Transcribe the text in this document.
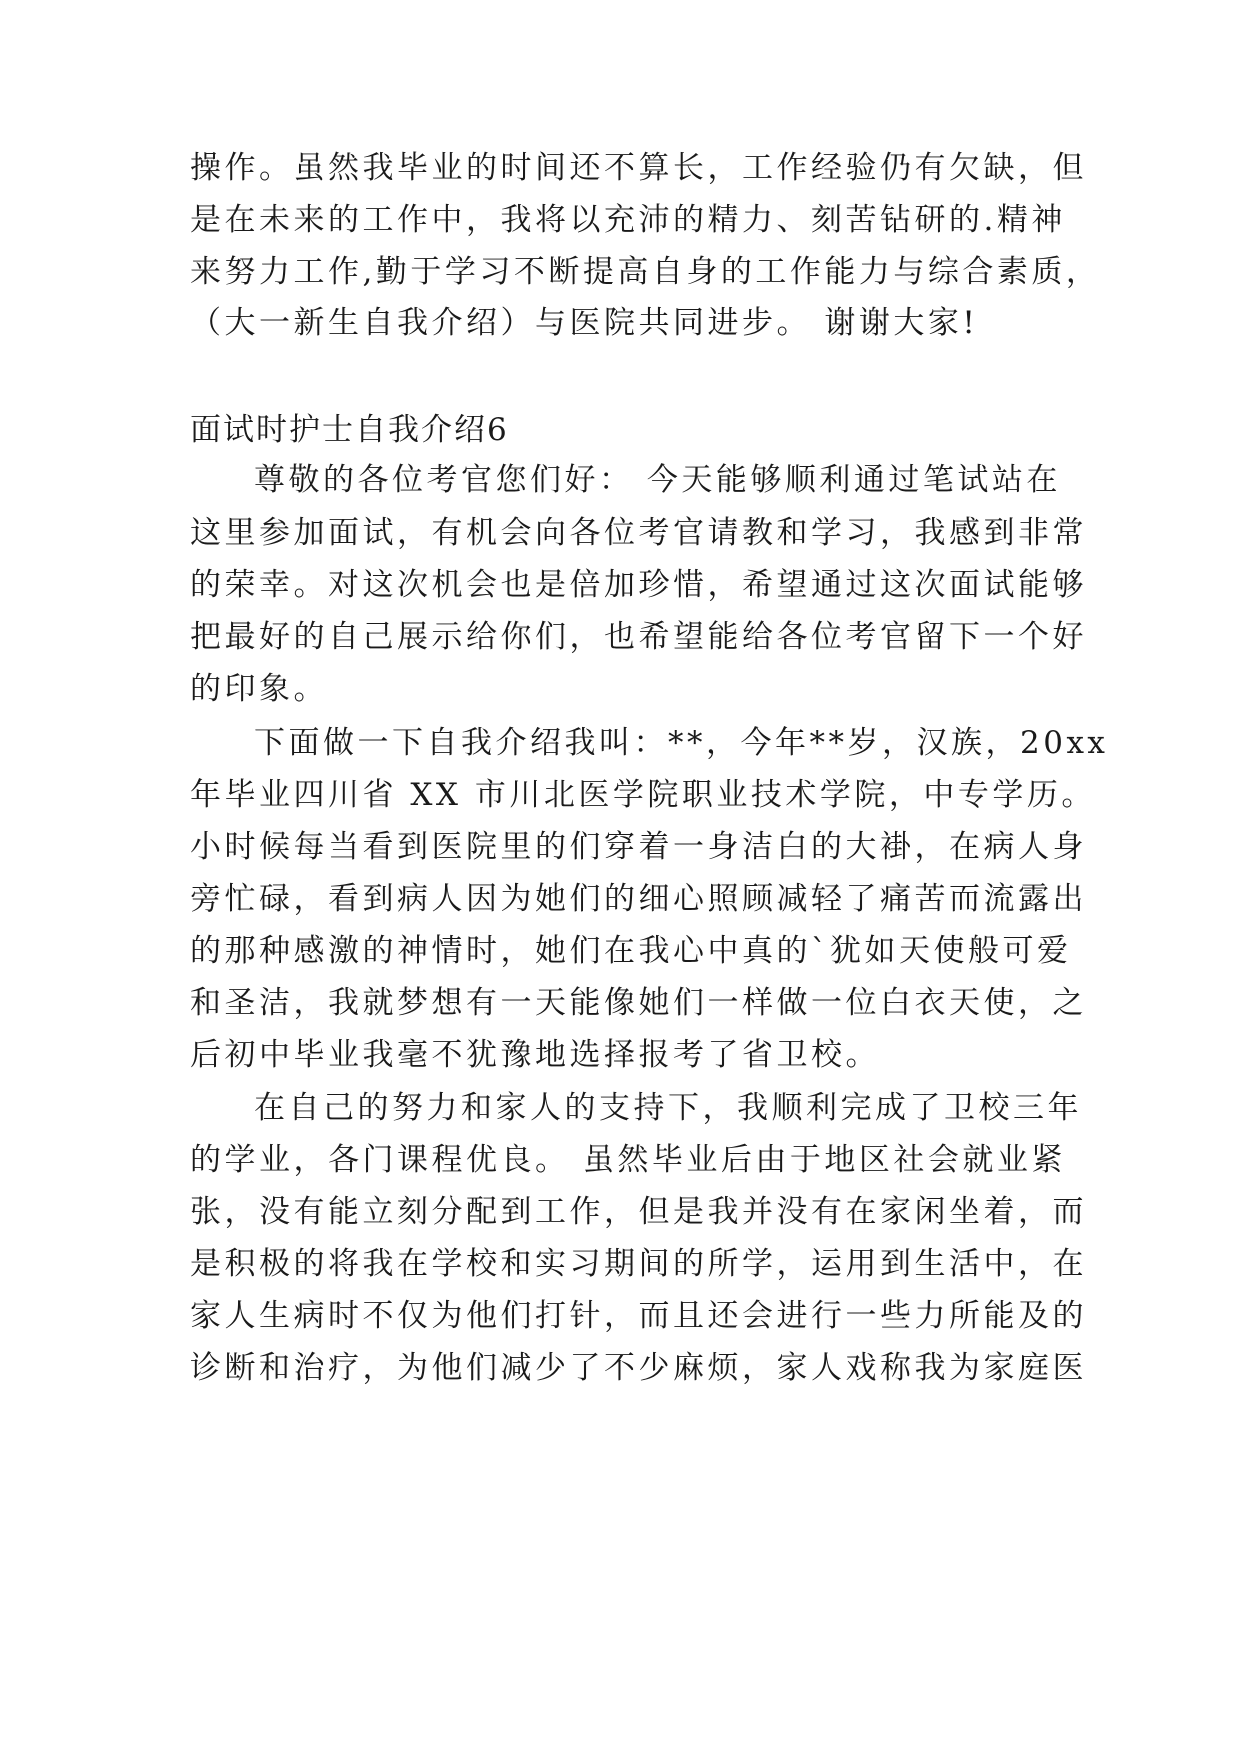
操作。虽然我毕业的时间还不算长，工作经验仍有欠缺，但
是在未来的工作中，我将以充沛的精力、刻苦钻研的.精神
来努力工作,勤于学习不断提高自身的工作能力与综合素质，
（大一新生自我介绍）与医院共同进步。 谢谢大家!
面试时护士自我介绍6
尊敬的各位考官您们好： 今天能够顺利通过笔试站在
这里参加面试，有机会向各位考官请教和学习，我感到非常
的荣幸。对这次机会也是倍加珍惜，希望通过这次面试能够
把最好的自己展示给你们，也希望能给各位考官留下一个好
的印象。
下面做一下自我介绍我叫：**，今年**岁，汉族，20xx
年毕业四川省 XX 市川北医学院职业技术学院，中专学历。
小时候每当看到医院里的们穿着一身洁白的大褂，在病人身
旁忙碌，看到病人因为她们的细心照顾减轻了痛苦而流露出
的那种感激的神情时，她们在我心中真的`犹如天使般可爱
和圣洁，我就梦想有一天能像她们一样做一位白衣天使，之
后初中毕业我毫不犹豫地选择报考了省卫校。
在自己的努力和家人的支持下，我顺利完成了卫校三年
的学业，各门课程优良。 虽然毕业后由于地区社会就业紧
张，没有能立刻分配到工作，但是我并没有在家闲坐着，而
是积极的将我在学校和实习期间的所学，运用到生活中，在
家人生病时不仅为他们打针，而且还会进行一些力所能及的
诊断和治疗，为他们减少了不少麻烦，家人戏称我为家庭医
